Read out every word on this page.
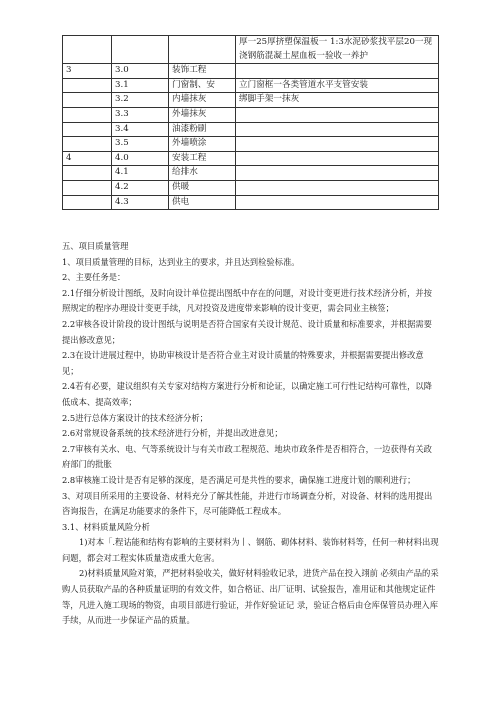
			厚一25厚挤塑保温板一 1:3水泥砂浆找平层20一现浇钢筋混凝土屋血板一验收一养护
3	3.0	装饰工程	
	3.1	门窗制、安	立门窗框一各类管道水平支管安装
	3.2	内墙抹灰	绑脚手架一抹灰
	3.3	外墙抹灰	
	3.4	油漆粉刷	
	3.5	外墙喷涂	
4	4.0	安装工程	
	4.1	给排水	
	4.2	供暖	
	4.3	供电	

五、项目质量管理

1、项目质量管理的目标，达到业主的要求，并且达到检验标准。

2、主要任务是：

2.1仔细分析设计图纸，及时向设计单位提出图纸中存在的问题，对设计变更进行技术经济分析，并按照规定的程序办理设计变更手续，凡对投资及进度带来影响的设计变更，需会同业主核签；

2.2审核各设计阶段的设计图纸与说明是否符合国家有关设计规范、设计质量和标准要求，并根据需要提出修改意见；

2.3在设计进展过程中，协助审核设计是否符合业主对设计质量的特殊要求，并根据需要提出修改意见；

2.4若有必要，建议组织有关专家对结构方案进行分析和论证，以确定施工可行性记结构可靠性，以降低成本、提高效率；

2.5进行总体方案设计的技术经济分析；

2.6对常规设备系统的技术经济进行分析，并提出改进意见；

2.7审核有关水、电、气等系统设计与有关市政工程规范、地块市政条件是否相符合，一边获得有关政府部门的批胀

2.8审核施工设计是否有足够的深度，是否满足可是共性的要求，确保施工进度计划的顺利进行；

3、对项目所采用的主要设备、材料充分了解其性能，并进行市场调查分析，对设备、材料的选用提出咨询报告，在满足功能要求的条件下，尽可能降低工程成本。

3.1、材料质量风险分析

1)对本「.程诂能和结构有影响的主要材料为丨、钢筋、砌体材料、装饰材料等，任何一种材料出现问题，都会对工程实体质量造成重大危害。

2)材料质量风险对策，严把材料验收关，做好材料验收记录，进货产品在投入翊前 必须由产品的采购人员获取产品的各种质量证明的有效文件，如合格证、出厂证明、试验报告，准用证和其他规定证件等，凡进入施工现场的物资，由项目部进行验证，并作好验证记 录，验证合格后由仓库保管员办理入库手续，从而进一步保证产品的质量。
